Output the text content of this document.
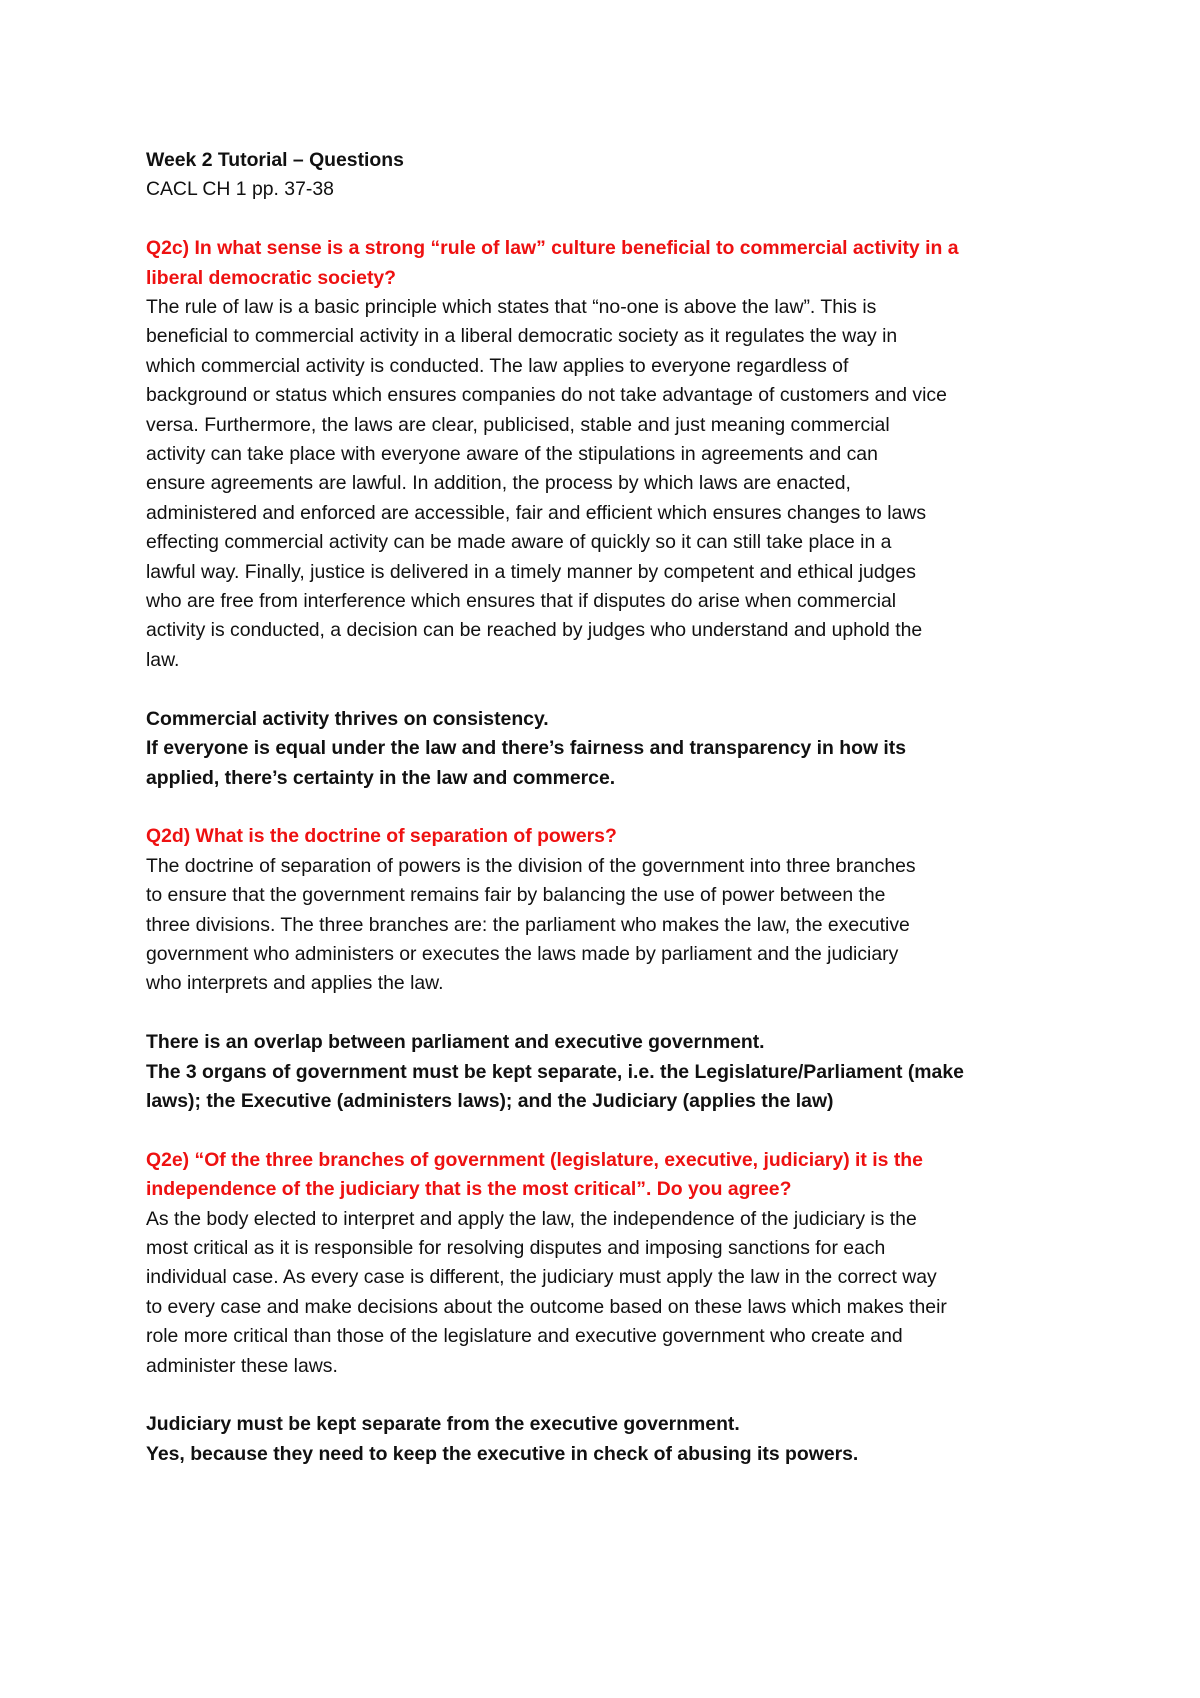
Week 2 Tutorial – Questions
CACL CH 1 pp. 37-38
Q2c) In what sense is a strong “rule of law” culture beneficial to commercial activity in a
liberal democratic society?
The rule of law is a basic principle which states that “no-one is above the law”. This is
beneficial to commercial activity in a liberal democratic society as it regulates the way in
which commercial activity is conducted. The law applies to everyone regardless of
background or status which ensures companies do not take advantage of customers and vice
versa. Furthermore, the laws are clear, publicised, stable and just meaning commercial
activity can take place with everyone aware of the stipulations in agreements and can
ensure agreements are lawful. In addition, the process by which laws are enacted,
administered and enforced are accessible, fair and efficient which ensures changes to laws
effecting commercial activity can be made aware of quickly so it can still take place in a
lawful way. Finally, justice is delivered in a timely manner by competent and ethical judges
who are free from interference which ensures that if disputes do arise when commercial
activity is conducted, a decision can be reached by judges who understand and uphold the
law.
Commercial activity thrives on consistency.
If everyone is equal under the law and there’s fairness and transparency in how its
applied, there’s certainty in the law and commerce.
Q2d) What is the doctrine of separation of powers?
The doctrine of separation of powers is the division of the government into three branches
to ensure that the government remains fair by balancing the use of power between the
three divisions. The three branches are: the parliament who makes the law, the executive
government who administers or executes the laws made by parliament and the judiciary
who interprets and applies the law.
There is an overlap between parliament and executive government.
The 3 organs of government must be kept separate, i.e. the Legislature/Parliament (make
laws); the Executive (administers laws); and the Judiciary (applies the law)
Q2e) “Of the three branches of government (legislature, executive, judiciary) it is the
independence of the judiciary that is the most critical”. Do you agree?
As the body elected to interpret and apply the law, the independence of the judiciary is the
most critical as it is responsible for resolving disputes and imposing sanctions for each
individual case. As every case is different, the judiciary must apply the law in the correct way
to every case and make decisions about the outcome based on these laws which makes their
role more critical than those of the legislature and executive government who create and
administer these laws.
Judiciary must be kept separate from the executive government.
Yes, because they need to keep the executive in check of abusing its powers.
